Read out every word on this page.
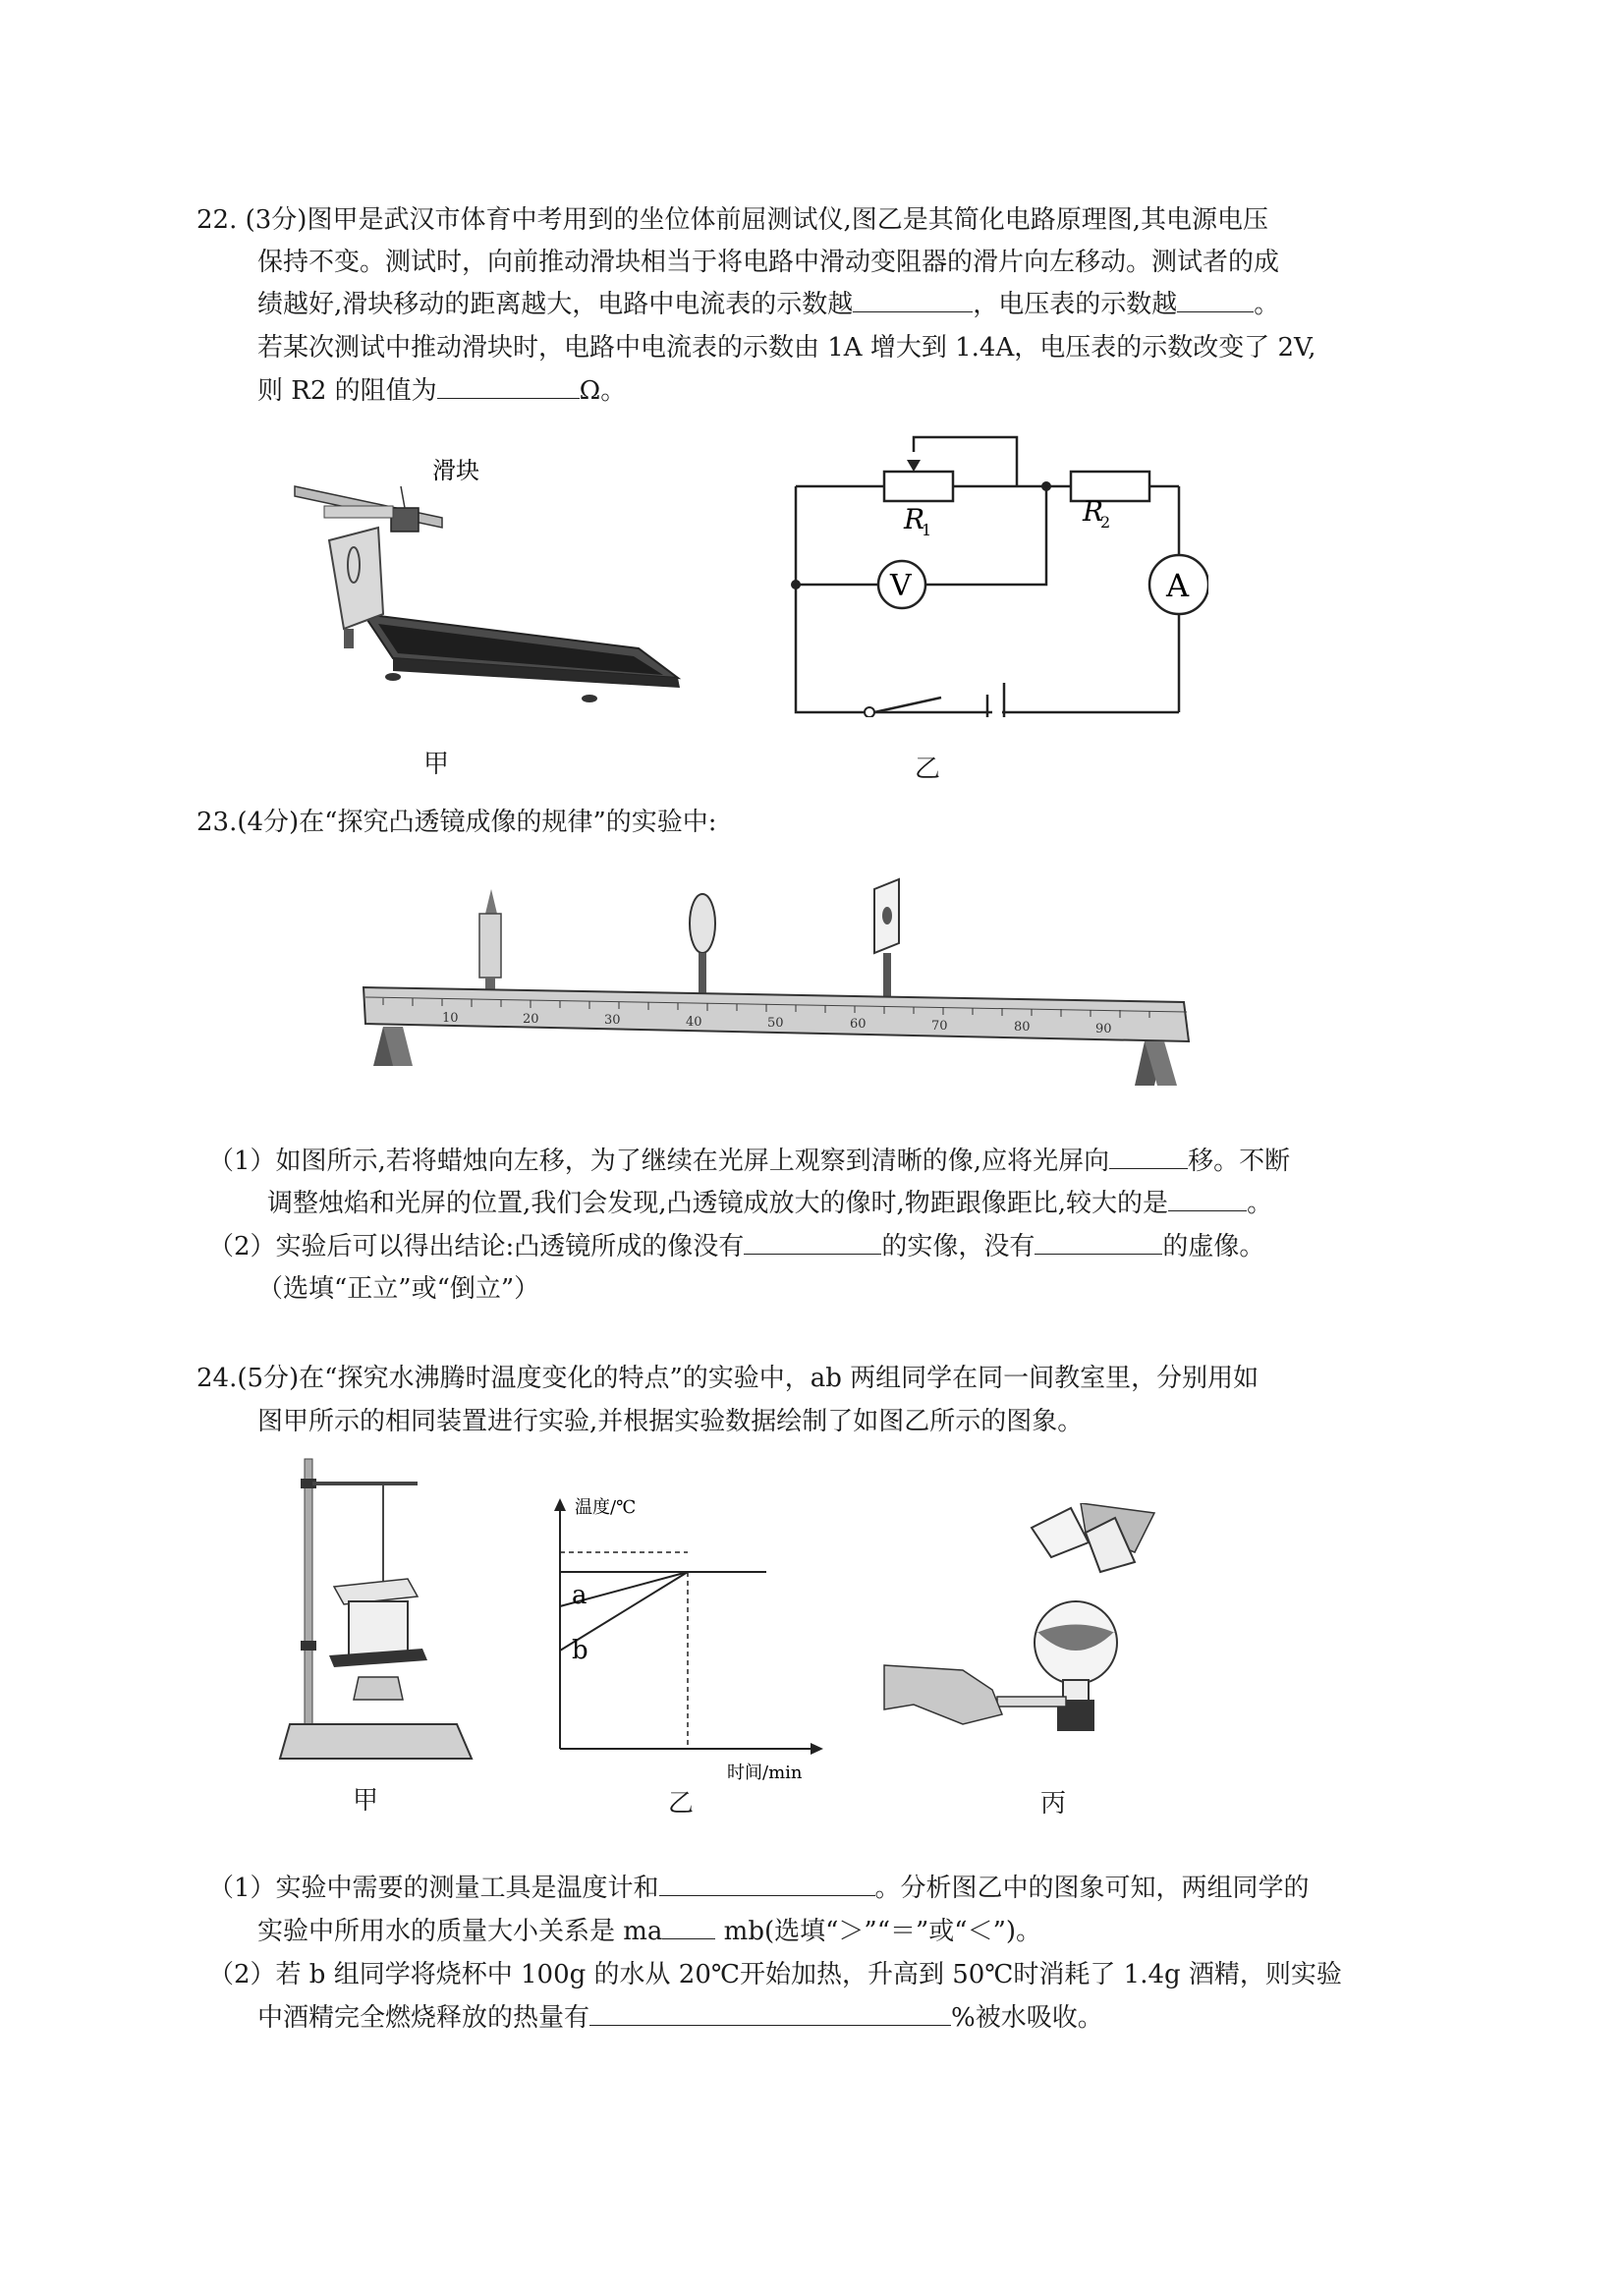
22. (3分)图甲是武汉市体育中考用到的坐位体前屈测试仪,图乙是其简化电路原理图,其电源电压
保持不变。测试时，向前推动滑块相当于将电路中滑动变阻器的滑片向左移动。测试者的成
绩越好,滑块移动的距离越大，电路中电流表的示数越	，电压表的示数越	。
若某次测试中推动滑块时，电路中电流表的示数由 1A 增大到 1.4A，电压表的示数改变了 2V,
则 R2 的阻值为	Ω。
滑块
甲
V	A
R
1
R
2
乙
23.(4分)在“探究凸透镜成像的规律”的实验中:
10	20	30	40	50	60	70	80	90
（1）如图所示,若将蜡烛向左移，为了继续在光屏上观察到清晰的像,应将光屏向	移。不断
调整烛焰和光屏的位置,我们会发现,凸透镜成放大的像时,物距跟像距比,较大的是	。
（2）实验后可以得出结论:凸透镜所成的像没有	的实像，没有	的虚像。
（选填“正立”或“倒立”）
24.(5分)在“探究水沸腾时温度变化的特点”的实验中，ab 两组同学在同一间教室里，分别用如
图甲所示的相同装置进行实验,并根据实验数据绘制了如图乙所示的图象。
甲
温度/℃
时间/min
a
b
乙	丙
（1）实验中需要的测量工具是温度计和	。分析图乙中的图象可知，两组同学的
实验中所用水的质量大小关系是 ma mb(选填“＞”“＝”或“＜”)。
（2）若 b 组同学将烧杯中 100g 的水从 20℃开始加热，升高到 50℃时消耗了 1.4g 酒精，则实验
中酒精完全燃烧释放的热量有	%被水吸收。
